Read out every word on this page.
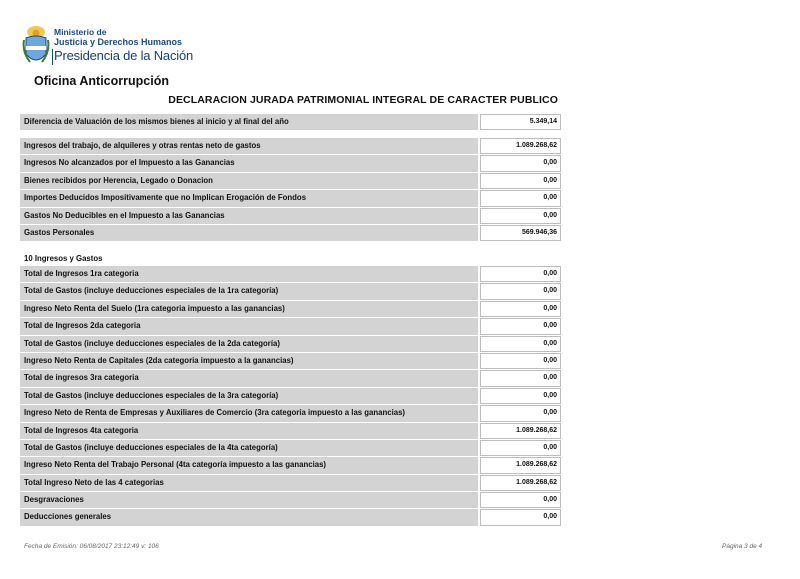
Ministerio de
Justicia y Derechos Humanos
Presidencia de la Nación
Oficina Anticorrupción
DECLARACION JURADA PATRIMONIAL INTEGRAL DE CARACTER PUBLICO
Diferencia de Valuación de los mismos bienes al inicio y al final del año	5.349,14
Ingresos del trabajo, de alquileres y otras rentas neto de gastos	1.089.268,62
Ingresos No alcanzados por el Impuesto a las Ganancias	0,00
Bienes recibidos por Herencia, Legado o Donacion	0,00
Importes Deducidos Impositivamente que no Implican Erogación de Fondos	0,00
Gastos No Deducibles en el Impuesto a las Ganancias	0,00
Gastos Personales	569.946,36
10 Ingresos y Gastos
Total de Ingresos 1ra categoria	0,00
Total de Gastos (incluye deducciones especiales de la 1ra categoría)	0,00
Ingreso Neto Renta del Suelo (1ra categoria impuesto a las ganancias)	0,00
Total de Ingresos 2da categoria	0,00
Total de Gastos (incluye deducciones especiales de la 2da categoría)	0,00
Ingreso Neto Renta de Capitales (2da categoria impuesto a la ganancias)	0,00
Total de ingresos 3ra categoria	0,00
Total de Gastos (incluye deducciones especiales de la 3ra categoría)	0,00
Ingreso Neto de Renta de Empresas y Auxiliares de Comercio (3ra categoría impuesto a las ganancias)	0,00
Total de Ingresos 4ta categoria	1.089.268,62
Total de Gastos (incluye deducciones especiales de la 4ta categoría)	0,00
Ingreso Neto Renta del Trabajo Personal (4ta categoría impuesto a las ganancias)	1.089.268,62
Total Ingreso Neto de las 4 categorias	1.089.268,62
Desgravaciones	0,00
Deducciones generales	0,00
Fecha de Emisión: 06/08/2017 23:12:49 v: 106	Página 3 de 4
